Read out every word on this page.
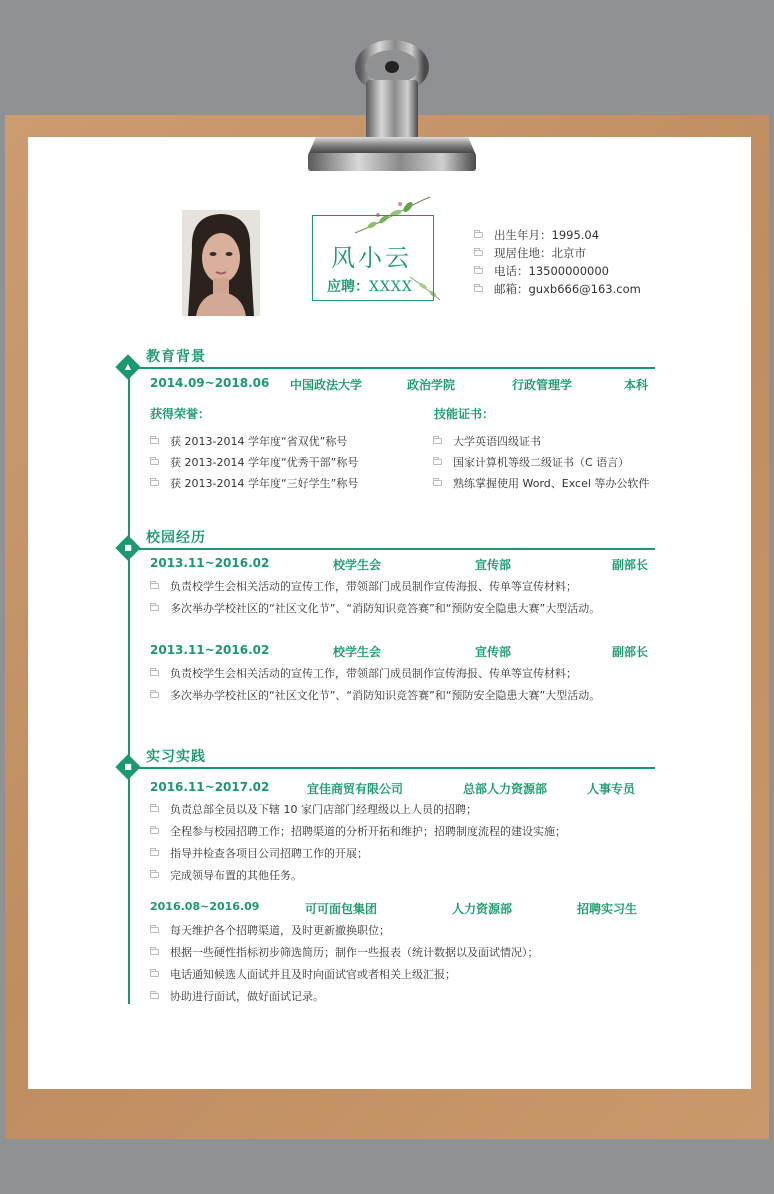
风小云
应聘：XXXX
出生年月：1995.04
现居住地：北京市
电话：13500000000
邮箱：guxb666@163.com
▲
教育背景
2014.09~2018.06 中国政法大学	政治学院	行政管理学	本科
获得荣誉：	技能证书：
获 2013-2014 学年度“省双优”称号
获 2013-2014 学年度“优秀干部”称号
获 2013-2014 学年度“三好学生”称号
大学英语四级证书
国家计算机等级二级证书（C 语言）
熟练掌握使用 Word、Excel 等办公软件
■
校园经历
2013.11~2016.02	校学生会	宣传部	副部长
负责校学生会相关活动的宣传工作，带领部门成员制作宣传海报、传单等宣传材料；
多次举办学校社区的“社区文化节”、“消防知识竞答赛”和“预防安全隐患大赛”大型活动。
2013.11~2016.02	校学生会	宣传部	副部长
负责校学生会相关活动的宣传工作，带领部门成员制作宣传海报、传单等宣传材料；
多次举办学校社区的“社区文化节”、“消防知识竞答赛”和“预防安全隐患大赛”大型活动。
■
实习实践
2016.11~2017.02	宜佳商贸有限公司	总部人力资源部	人事专员
负责总部全员以及下辖 10 家门店部门经理级以上人员的招聘；
全程参与校园招聘工作；招聘渠道的分析开拓和维护；招聘制度流程的建设实施；
指导并检查各项目公司招聘工作的开展；
完成领导布置的其他任务。
2016.08~2016.09	可可面包集团	人力资源部	招聘实习生
每天维护各个招聘渠道，及时更新撤换职位；
根据一些硬性指标初步筛选简历；制作一些报表（统计数据以及面试情况）；
电话通知候选人面试并且及时向面试官或者相关上级汇报；
协助进行面试，做好面试记录。
